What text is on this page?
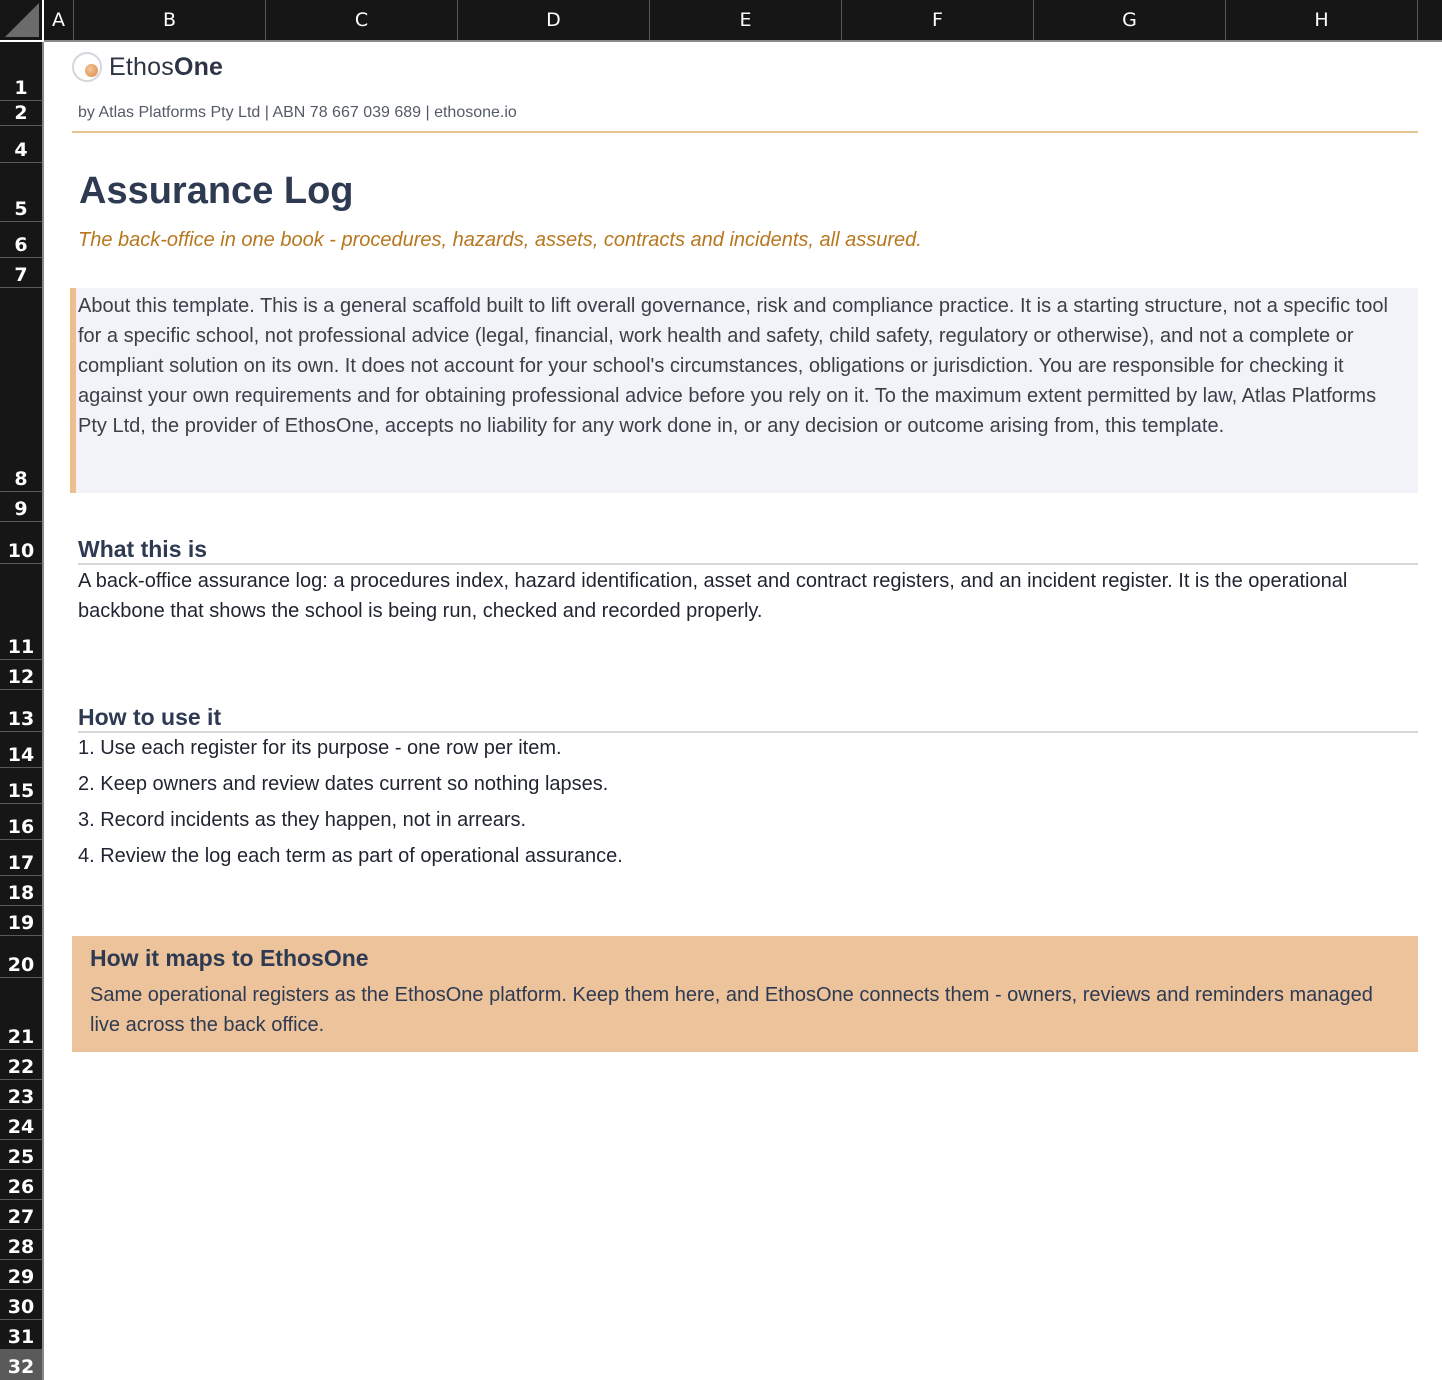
A	B	C	D	E	F	G	H
1
2
4
5
6
7
8
9
10
11
12
13
14
15
16
17
18
19
20
21
22
23
24
25
26
27
28
29
30
31
32
EthosOne
by Atlas Platforms Pty Ltd | ABN 78 667 039 689 | ethosone.io
Assurance Log
The back-office in one book - procedures, hazards, assets, contracts and incidents, all assured.
About this template. This is a general scaffold built to lift overall governance, risk and compliance practice. It is a starting structure, not a specific tool for a specific school, not professional advice (legal, financial, work health and safety, child safety, regulatory or otherwise), and not a complete or compliant solution on its own. It does not account for your school's circumstances, obligations or jurisdiction. You are responsible for checking it against your own requirements and for obtaining professional advice before you rely on it. To the maximum extent permitted by law, Atlas Platforms Pty Ltd, the provider of EthosOne, accepts no liability for any work done in, or any decision or outcome arising from, this template.
What this is
A back-office assurance log: a procedures index, hazard identification, asset and contract registers, and an incident register. It is the operational backbone that shows the school is being run, checked and recorded properly.
How to use it
1. Use each register for its purpose - one row per item.
2. Keep owners and review dates current so nothing lapses.
3. Record incidents as they happen, not in arrears.
4. Review the log each term as part of operational assurance.
How it maps to EthosOne
Same operational registers as the EthosOne platform. Keep them here, and EthosOne connects them - owners, reviews and reminders managed live across the back office.
